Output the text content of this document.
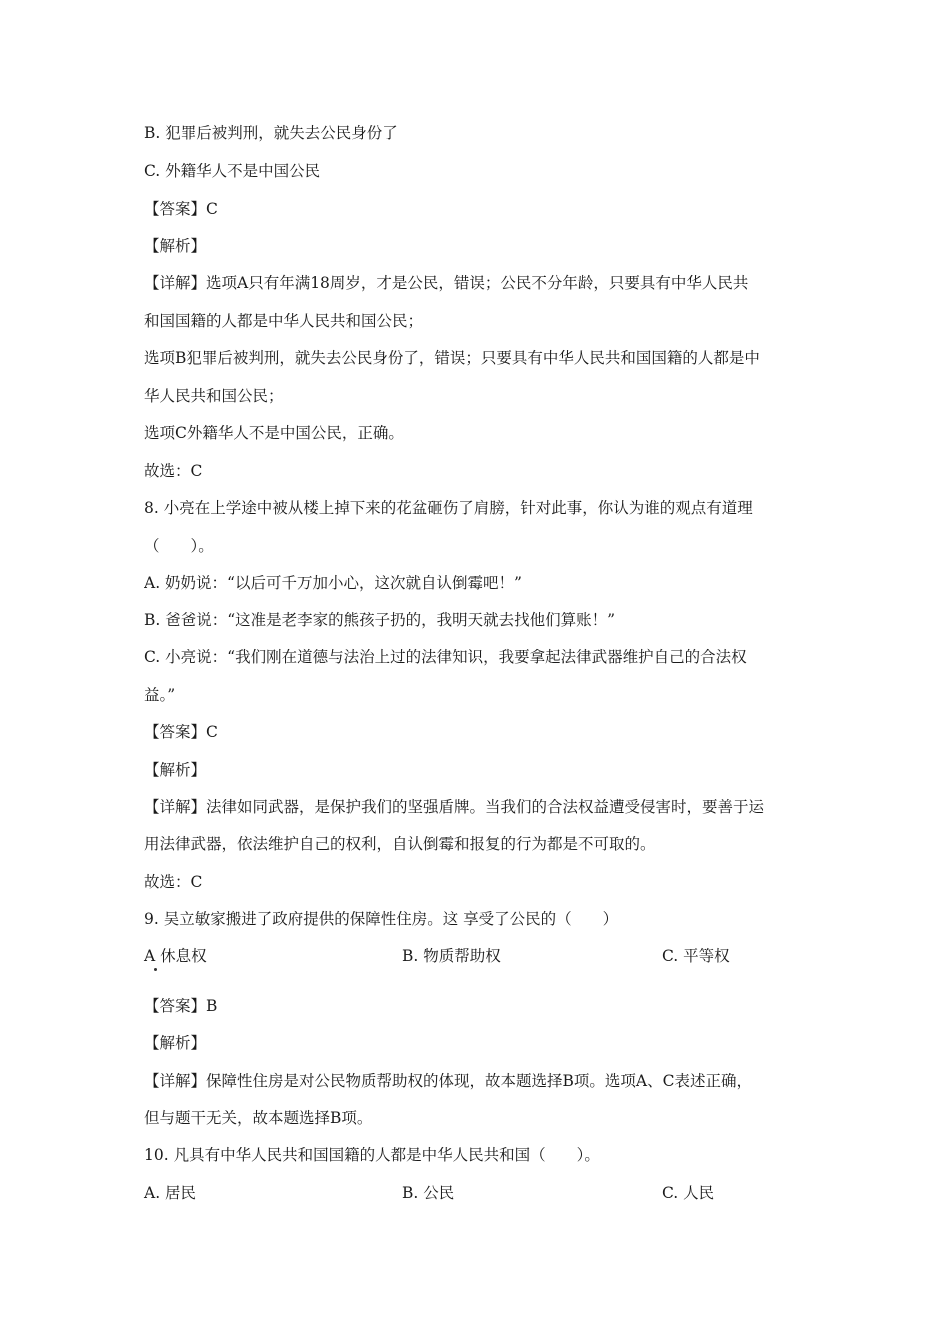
B. 犯罪后被判刑，就失去公民身份了
C. 外籍华人不是中国公民
【答案】C
【解析】
【详解】选项A只有年满18周岁，才是公民，错误；公民不分年龄，只要具有中华人民共
和国国籍的人都是中华人民共和国公民；
选项B犯罪后被判刑，就失去公民身份了，错误；只要具有中华人民共和国国籍的人都是中
华人民共和国公民；
选项C外籍华人不是中国公民，正确。
故选：C
8. 小亮在上学途中被从楼上掉下来的花盆砸伤了肩膀，针对此事，你认为谁的观点有道理
（　　）。
A. 奶奶说：“以后可千万加小心，这次就自认倒霉吧！”
B. 爸爸说：“这准是老李家的熊孩子扔的，我明天就去找他们算账！”
C. 小亮说：“我们刚在道德与法治上过的法律知识，我要拿起法律武器维护自己的合法权
益。”
【答案】C
【解析】
【详解】法律如同武器，是保护我们的坚强盾牌。当我们的合法权益遭受侵害时，要善于运
用法律武器，依法维护自己的权利，自认倒霉和报复的行为都是不可取的。
故选：C
9. 吴立敏家搬进了政府提供的保障性住房。这 享受了公民的（　　）
A 休息权	B. 物质帮助权	C. 平等权
【答案】B
【解析】
【详解】保障性住房是对公民物质帮助权的体现，故本题选择B项。选项A、C表述正确，
但与题干无关，故本题选择B项。
10. 凡具有中华人民共和国国籍的人都是中华人民共和国（　　）。
A. 居民	B. 公民	C. 人民
